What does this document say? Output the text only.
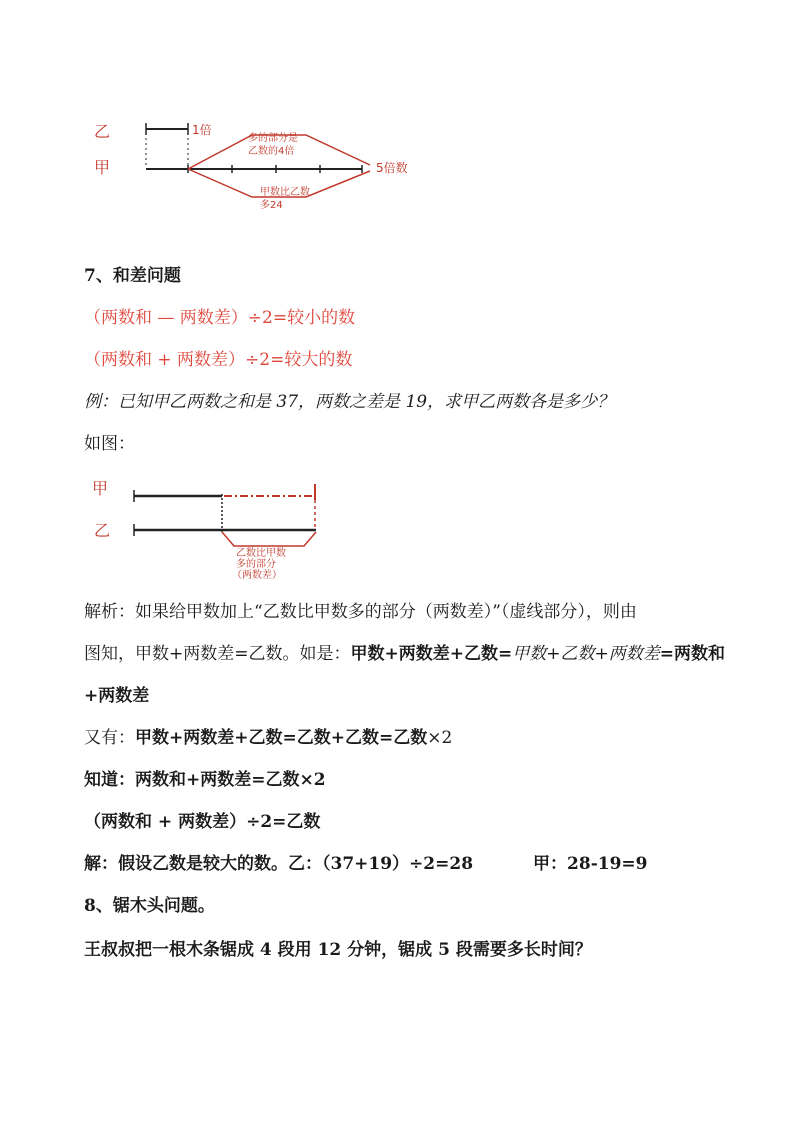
乙
甲
1倍
5倍数
多的部分是
乙数的4倍
甲数比乙数
多24
7、和差问题
（两数和 — 两数差）÷2=较小的数
（两数和 + 两数差）÷2=较大的数
例：已知甲乙两数之和是 37，两数之差是 19，求甲乙两数各是多少？
如图：
甲
乙
乙数比甲数
多的部分
（两数差）
解析：如果给甲数加上“乙数比甲数多的部分（两数差）”（虚线部分），则由
图知，甲数+两数差=乙数。如是：甲数+两数差+乙数=甲数+乙数+两数差=两数和
+两数差
又有：甲数+两数差+乙数=乙数+乙数=乙数×2
知道：两数和+两数差=乙数×2
（两数和 + 两数差）÷2=乙数
解：假设乙数是较大的数。乙：（37+19）÷2=28	甲：28-19=9
8、锯木头问题。
王叔叔把一根木条锯成 4 段用 12 分钟，锯成 5 段需要多长时间？
